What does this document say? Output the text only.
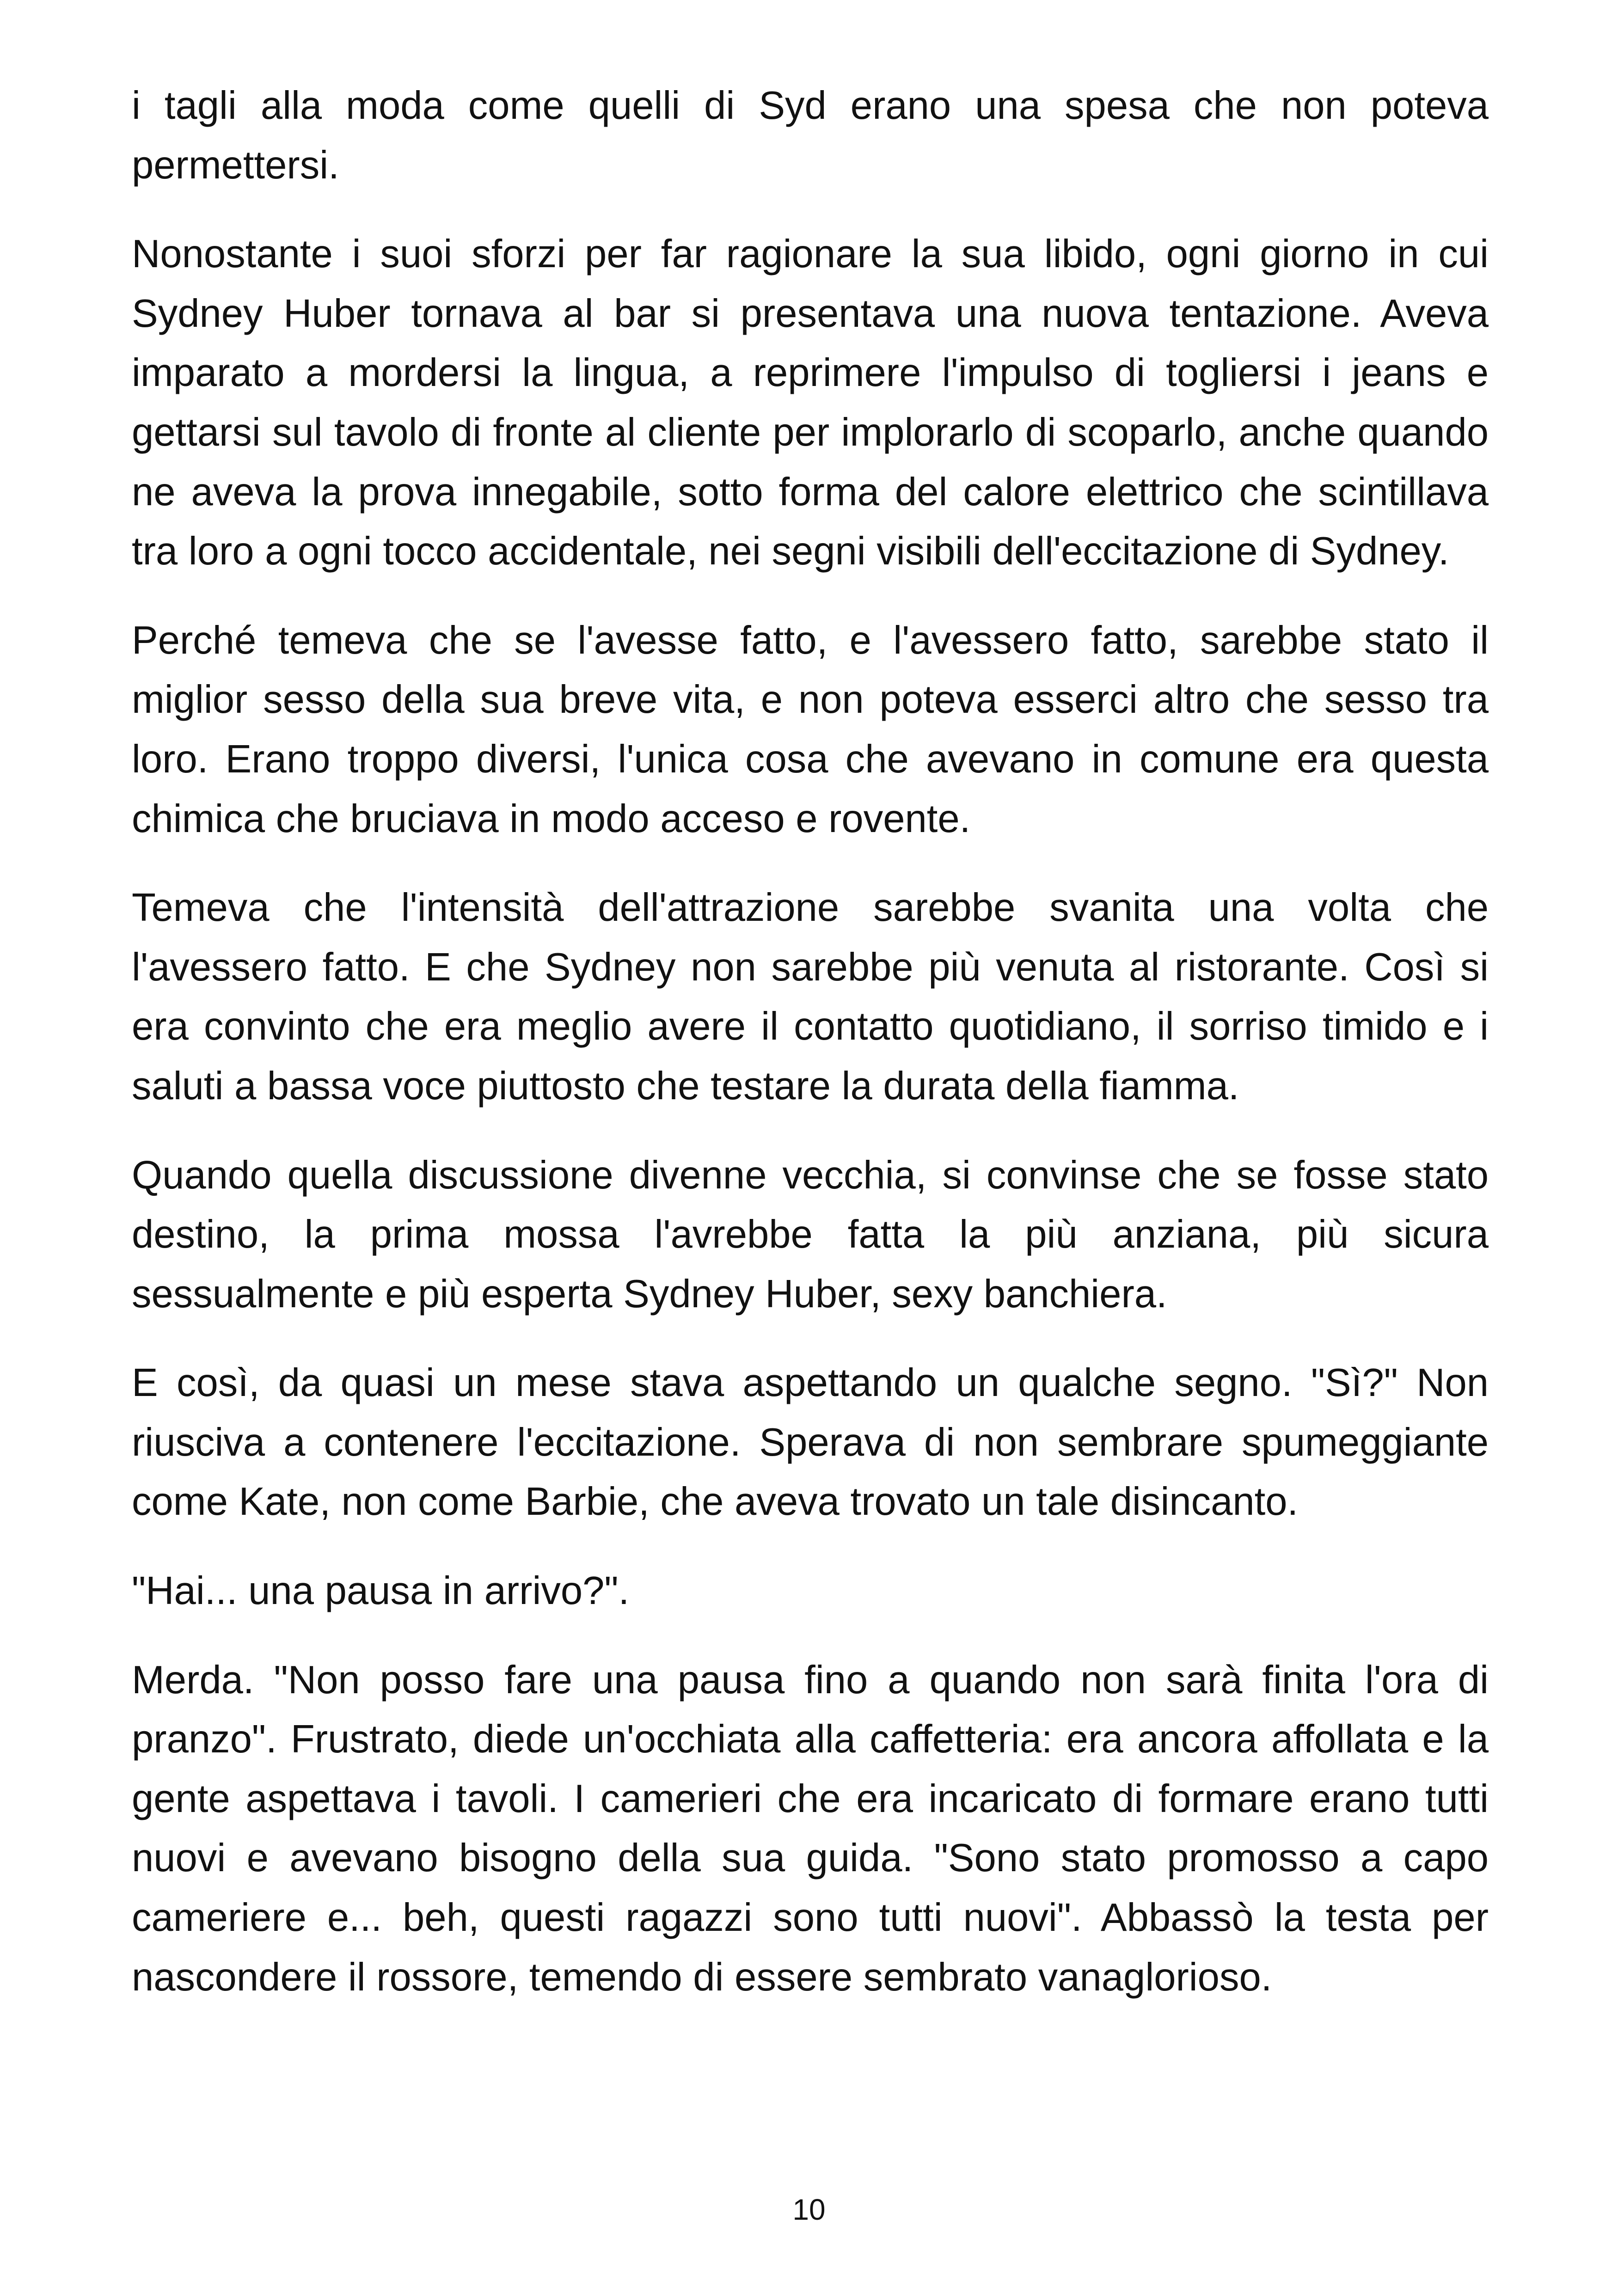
i tagli alla moda come quelli di Syd erano una spesa che non poteva permettersi.

Nonostante i suoi sforzi per far ragionare la sua libido, ogni giorno in cui Sydney Huber tornava al bar si presentava una nuova tentazione. Aveva imparato a mordersi la lingua, a reprimere l'impulso di togliersi i jeans e gettarsi sul tavolo di fronte al cliente per implorarlo di scoparlo, anche quando ne aveva la prova innegabile, sotto forma del calore elettrico che scintillava tra loro a ogni tocco accidentale, nei segni visibili dell'eccitazione di Sydney.

Perché temeva che se l'avesse fatto, e l'avessero fatto, sarebbe stato il miglior sesso della sua breve vita, e non poteva esserci altro che sesso tra loro. Erano troppo diversi, l'unica cosa che avevano in comune era questa chimica che bruciava in modo acceso e rovente.

Temeva che l'intensità dell'attrazione sarebbe svanita una volta che l'avessero fatto. E che Sydney non sarebbe più venuta al ristorante. Così si era convinto che era meglio avere il contatto quotidiano, il sorriso timido e i saluti a bassa voce piuttosto che testare la durata della fiamma.

Quando quella discussione divenne vecchia, si convinse che se fosse stato destino, la prima mossa l'avrebbe fatta la più anziana, più sicura sessualmente e più esperta Sydney Huber, sexy banchiera.

E così, da quasi un mese stava aspettando un qualche segno. "Sì?" Non riusciva a contenere l'eccitazione. Sperava di non sembrare spumeggiante come Kate, non come Barbie, che aveva trovato un tale disincanto.

"Hai... una pausa in arrivo?".

Merda. "Non posso fare una pausa fino a quando non sarà finita l'ora di pranzo". Frustrato, diede un'occhiata alla caffetteria: era ancora affollata e la gente aspettava i tavoli. I camerieri che era incaricato di formare erano tutti nuovi e avevano bisogno della sua guida. "Sono stato promosso a capo cameriere e... beh, questi ragazzi sono tutti nuovi". Abbassò la testa per nascondere il rossore, temendo di essere sembrato vanaglorioso.

10
